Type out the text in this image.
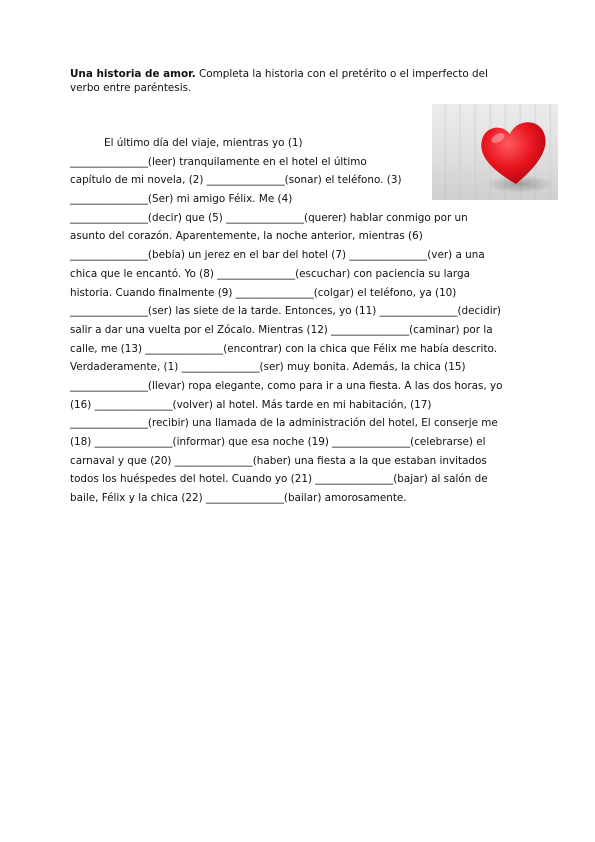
Una historia de amor. Completa la historia con el pretérito o el imperfecto del
verbo entre paréntesis.
El último día del viaje, mientras yo (1)
_______________(leer) tranquilamente en el hotel el último
capítulo de mi novela, (2) _______________(sonar) el teléfono. (3)
_______________(Ser) mi amigo Félix. Me (4)
_______________(decir) que (5) _______________(querer) hablar conmigo por un
asunto del corazón. Aparentemente, la noche anterior, mientras (6)
_______________(bebía) un jerez en el bar del hotel (7) _______________(ver) a una
chica que le encantó. Yo (8) _______________(escuchar) con paciencia su larga
historia. Cuando finalmente (9) _______________(colgar) el teléfono, ya (10)
_______________(ser) las siete de la tarde. Entonces, yo (11) _______________(decidir)
salir a dar una vuelta por el Zócalo. Mientras (12) _______________(caminar) por la
calle, me (13) _______________(encontrar) con la chica que Félix me había descrito.
Verdaderamente, (1) _______________(ser) muy bonita. Además, la chica (15)
_______________(llevar) ropa elegante, como para ir a una fiesta. A las dos horas, yo
(16) _______________(volver) al hotel. Más tarde en mi habitación, (17)
_______________(recibir) una llamada de la administración del hotel, El conserje me
(18) _______________(informar) que esa noche (19) _______________(celebrarse) el
carnaval y que (20) _______________(haber) una fiesta a la que estaban invitados
todos los huéspedes del hotel. Cuando yo (21) _______________(bajar) al salón de
baile, Félix y la chica (22) _______________(bailar) amorosamente.
